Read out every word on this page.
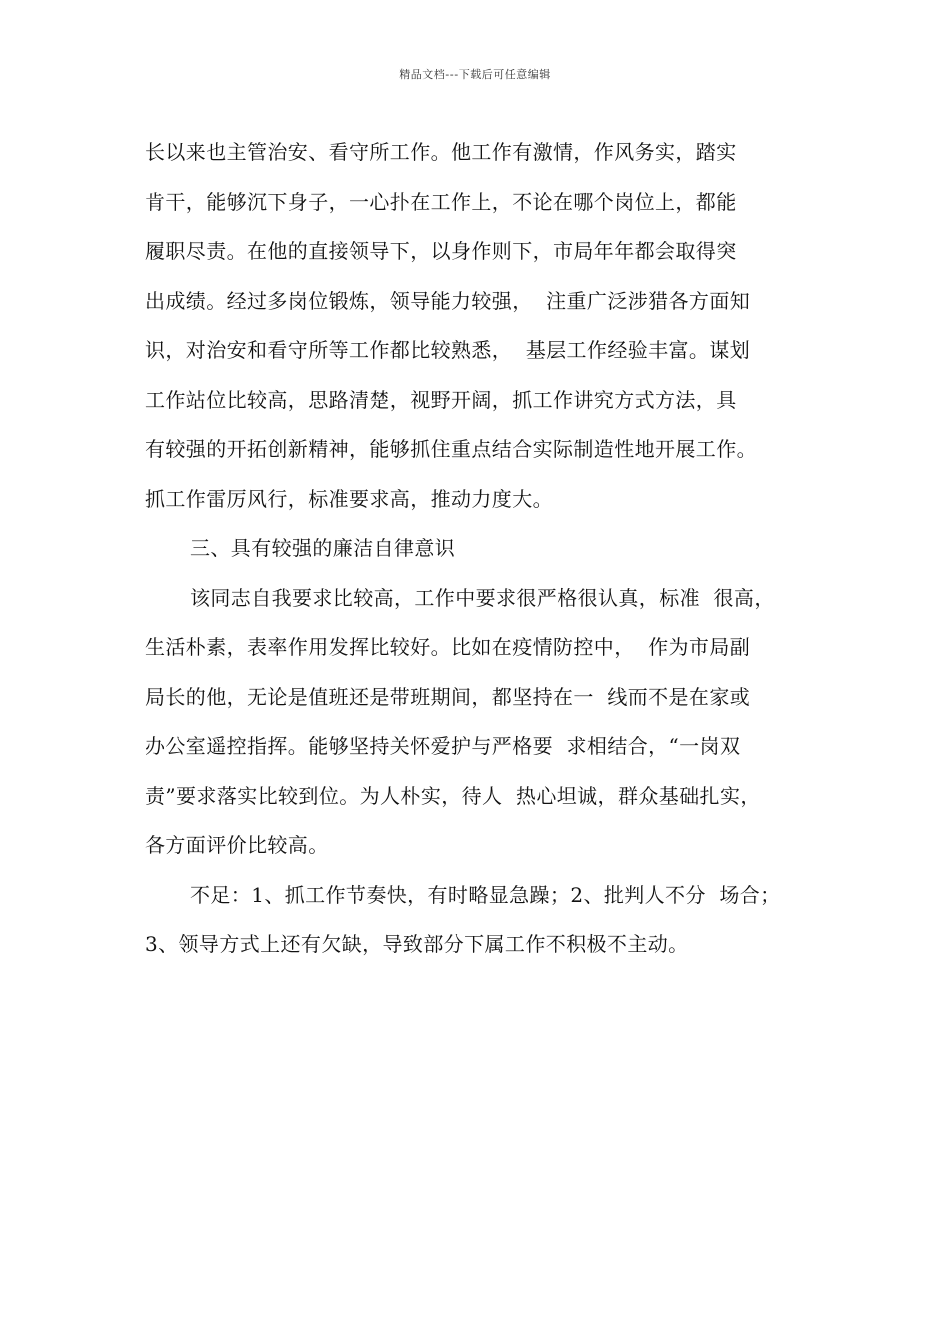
精品文档---下载后可任意编辑
长以来也主管治安、看守所工作。他工作有激情，作风务实，踏实
肯干，能够沉下身子，一心扑在工作上，不论在哪个岗位上，都能
履职尽责。在他的直接领导下，以身作则下，市局年年都会取得突
出成绩。经过多岗位锻炼，领导能力较强，  注重广泛涉猎各方面知
识，对治安和看守所等工作都比较熟悉，  基层工作经验丰富。谋划
工作站位比较高，思路清楚，视野开阔，抓工作讲究方式方法，具
有较强的开拓创新精神，能够抓住重点结合实际制造性地开展工作。
抓工作雷厉风行，标准要求高，推动力度大。
三、具有较强的廉洁自律意识
该同志自我要求比较高，工作中要求很严格很认真，标准  很高，
生活朴素，表率作用发挥比较好。比如在疫情防控中，  作为市局副
局长的他，无论是值班还是带班期间，都坚持在一  线而不是在家或
办公室遥控指挥。能够坚持关怀爱护与严格要  求相结合，“一岗双
责”要求落实比较到位。为人朴实，待人  热心坦诚，群众基础扎实，
各方面评价比较高。
不足：1、抓工作节奏快，有时略显急躁；2、批判人不分  场合；
3、领导方式上还有欠缺，导致部分下属工作不积极不主动。
